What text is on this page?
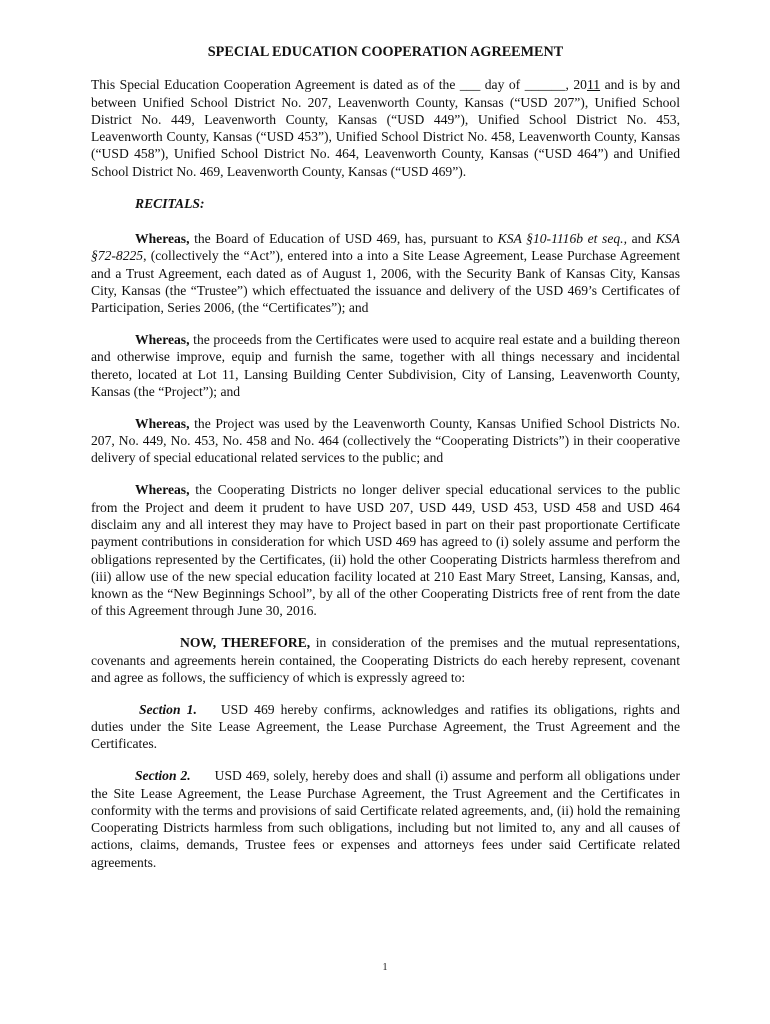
SPECIAL EDUCATION COOPERATION AGREEMENT

This Special Education Cooperation Agreement is dated as of the ___ day of ______, 2011 and is by and between Unified School District No. 207, Leavenworth County, Kansas (“USD 207”), Unified School District No. 449, Leavenworth County, Kansas (“USD 449”), Unified School District No. 453, Leavenworth County, Kansas (“USD 453”), Unified School District No. 458, Leavenworth County, Kansas (“USD 458”), Unified School District No. 464, Leavenworth County, Kansas (“USD 464”) and Unified School District No. 469, Leavenworth County, Kansas (“USD 469”).

RECITALS:

Whereas, the Board of Education of USD 469, has, pursuant to KSA §10-1116b et seq., and KSA §72-8225, (collectively the “Act”), entered into a into a Site Lease Agreement, Lease Purchase Agreement and a Trust Agreement, each dated as of August 1, 2006, with the Security Bank of Kansas City, Kansas City, Kansas (the “Trustee”) which effectuated the issuance and delivery of the USD 469’s Certificates of Participation, Series 2006, (the “Certificates”); and

Whereas, the proceeds from the Certificates were used to acquire real estate and a building thereon and otherwise improve, equip and furnish the same, together with all things necessary and incidental thereto, located at Lot 11, Lansing Building Center Subdivision, City of Lansing, Leavenworth County, Kansas (the “Project”); and

Whereas, the Project was used by the Leavenworth County, Kansas Unified School Districts No. 207, No. 449, No. 453, No. 458 and No. 464 (collectively the “Cooperating Districts”) in their cooperative delivery of special educational related services to the public; and

Whereas, the Cooperating Districts no longer deliver special educational services to the public from the Project and deem it prudent to have USD 207, USD 449, USD 453, USD 458 and USD 464 disclaim any and all interest they may have to Project based in part on their past proportionate Certificate payment contributions in consideration for which USD 469 has agreed to (i) solely assume and perform the obligations represented by the Certificates, (ii) hold the other Cooperating Districts harmless therefrom and (iii) allow use of the new special education facility located at 210 East Mary Street, Lansing, Kansas, and, known as the “New Beginnings School”, by all of the other Cooperating Districts free of rent from the date of this Agreement through June 30, 2016.

NOW, THEREFORE, in consideration of the premises and the mutual representations, covenants and agreements herein contained, the Cooperating Districts do each hereby represent, covenant and agree as follows, the sufficiency of which is expressly agreed to:

Section 1. USD 469 hereby confirms, acknowledges and ratifies its obligations, rights and duties under the Site Lease Agreement, the Lease Purchase Agreement, the Trust Agreement and the Certificates.

Section 2. USD 469, solely, hereby does and shall (i) assume and perform all obligations under the Site Lease Agreement, the Lease Purchase Agreement, the Trust Agreement and the Certificates in conformity with the terms and provisions of said Certificate related agreements, and, (ii) hold the remaining Cooperating Districts harmless from such obligations, including but not limited to, any and all causes of actions, claims, demands, Trustee fees or expenses and attorneys fees under said Certificate related agreements.

1
